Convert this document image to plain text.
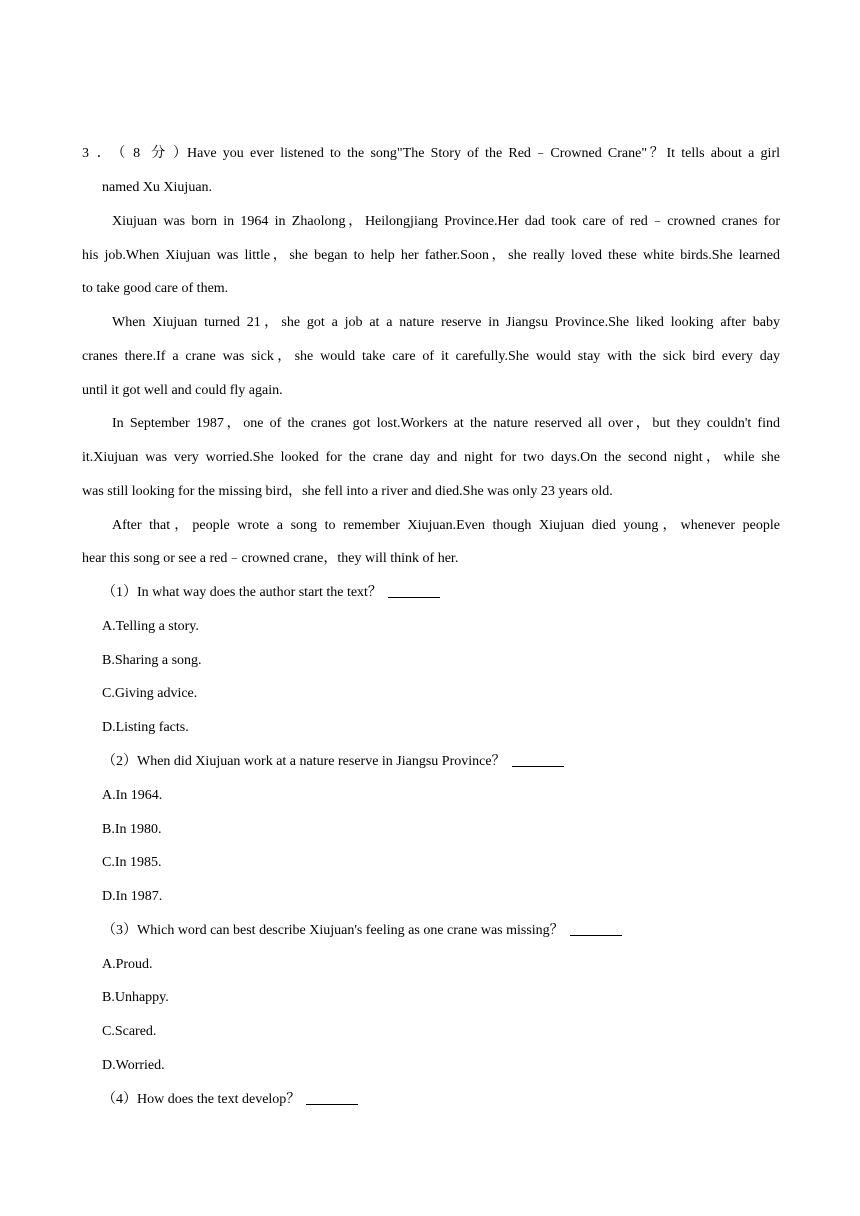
3．（8 分）Have you ever listened to the song"The Story of the Red﹣Crowned Crane"？It tells about a girl
named Xu Xiujuan.
Xiujuan was born in 1964 in Zhaolong，Heilongjiang Province.Her dad took care of red﹣crowned cranes for
his job.When Xiujuan was little，she began to help her father.Soon，she really loved these white birds.She learned
to take good care of them.
When Xiujuan turned 21，she got a job at a nature reserve in Jiangsu Province.She liked looking after baby
cranes there.If a crane was sick，she would take care of it carefully.She would stay with the sick bird every day
until it got well and could fly again.
In September 1987，one of the cranes got lost.Workers at the nature reserved all over，but they couldn't find
it.Xiujuan was very worried.She looked for the crane day and night for two days.On the second night，while she
was still looking for the missing bird，she fell into a river and died.She was only 23 years old.
After that，people wrote a song to remember Xiujuan.Even though Xiujuan died young，whenever people
hear this song or see a red﹣crowned crane，they will think of her.
（1）In what way does the author start the text？
A.Telling a story.
B.Sharing a song.
C.Giving advice.
D.Listing facts.
（2）When did Xiujuan work at a nature reserve in Jiangsu Province？
A.In 1964.
B.In 1980.
C.In 1985.
D.In 1987.
（3）Which word can best describe Xiujuan's feeling as one crane was missing？
A.Proud.
B.Unhappy.
C.Scared.
D.Worried.
（4）How does the text develop？
